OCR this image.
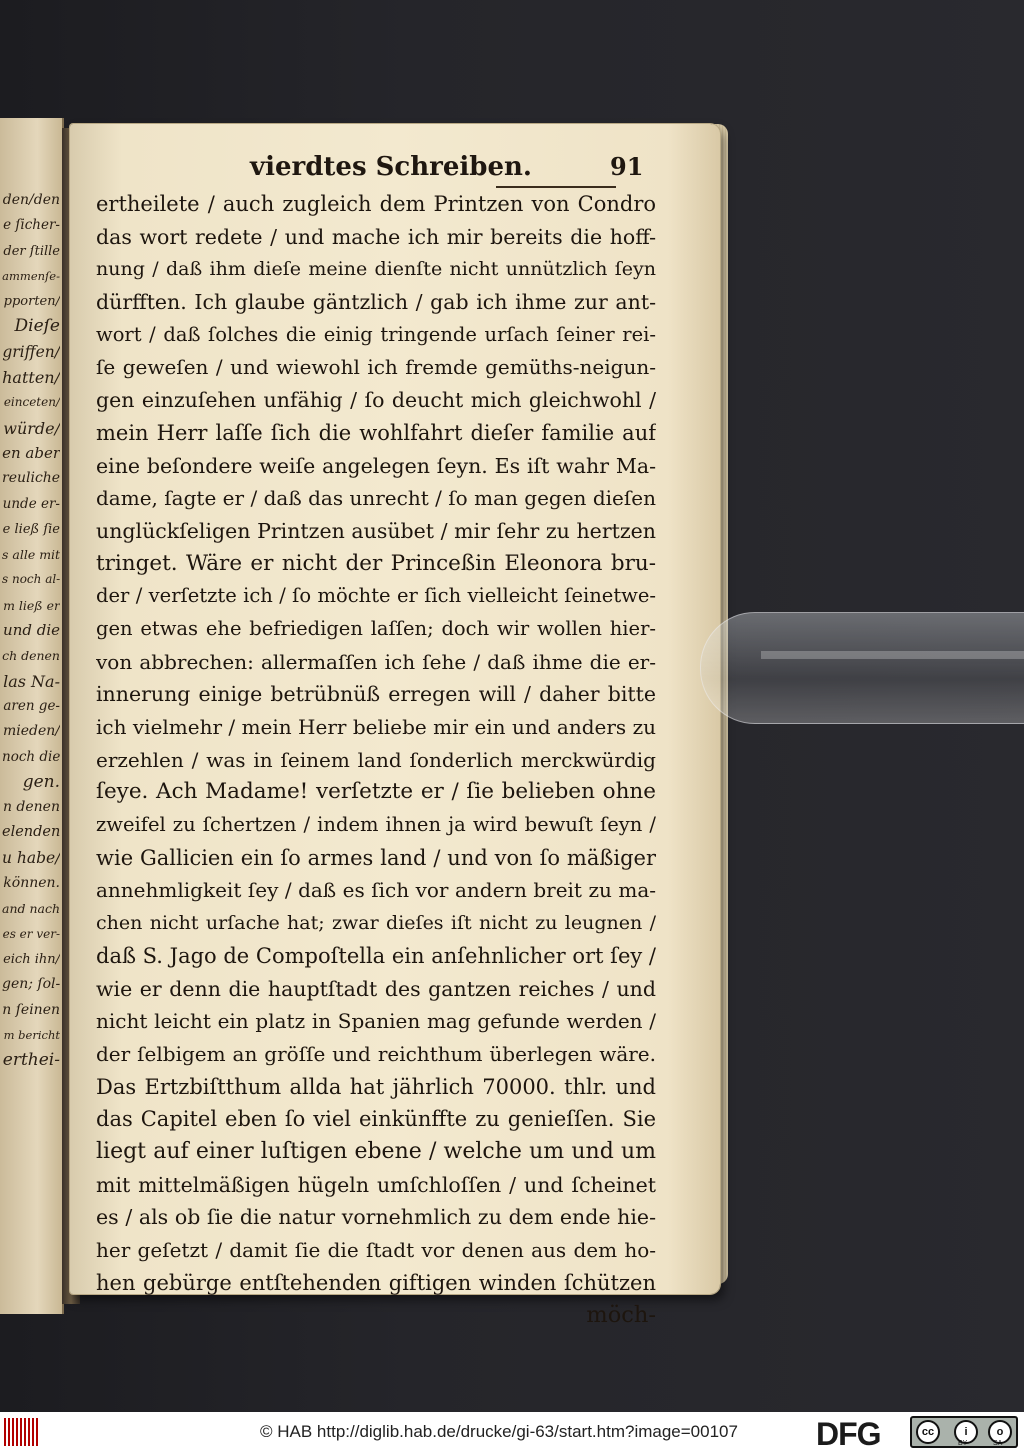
den/den
e ſicher-
der ſtille
ammenſe-
pporten/
Dieſe
griffen/
hatten/
einceten/
würde/
en aber
reuliche
unde er-
e ließ ſie
s alle mit
s noch al-
m ließ er
und die
ch denen
las Na-
aren ge-
mieden/
noch die
gen.
n denen
elenden
u habe/
können.
and nach
es er ver-
eich ihn/
gen; ſol-
n ſeinen
m bericht
erthei-
vierdtes Schreiben.	91
ertheilete / auch zugleich dem Printzen von Condro
das wort redete / und mache ich mir bereits die hoff-
nung / daß ihm dieſe meine dienſte nicht unnützlich ſeyn
dürfften. Ich glaube gäntzlich / gab ich ihme zur ant-
wort / daß ſolches die einig tringende urſach ſeiner rei-
ſe geweſen / und wiewohl ich fremde gemüths-neigun-
gen einzuſehen unfähig / ſo deucht mich gleichwohl /
mein Herr laſſe ſich die wohlfahrt dieſer familie auf
eine beſondere weiſe angelegen ſeyn. Es iſt wahr Ma-
dame, ſagte er / daß das unrecht / ſo man gegen dieſen
unglückſeligen Printzen ausübet / mir ſehr zu hertzen
tringet. Wäre er nicht der Princeßin Eleonora bru-
der / verſetzte ich / ſo möchte er ſich vielleicht ſeinetwe-
gen etwas ehe befriedigen laſſen; doch wir wollen hier-
von abbrechen: allermaſſen ich ſehe / daß ihme die er-
innerung einige betrübnüß erregen will / daher bitte
ich vielmehr / mein Herr beliebe mir ein und anders zu
erzehlen / was in ſeinem land ſonderlich merckwürdig
ſeye. Ach Madame! verſetzte er / ſie belieben ohne
zweifel zu ſchertzen / indem ihnen ja wird bewuſt ſeyn /
wie Gallicien ein ſo armes land / und von ſo mäßiger
annehmligkeit ſey / daß es ſich vor andern breit zu ma-
chen nicht urſache hat; zwar dieſes iſt nicht zu leugnen /
daß S. Jago de Compoſtella ein anſehnlicher ort ſey /
wie er denn die hauptſtadt des gantzen reiches / und
nicht leicht ein platz in Spanien mag gefunde werden /
der ſelbigem an gröſſe und reichthum überlegen wäre.
Das Ertzbiſtthum allda hat jährlich 70000. thlr. und
das Capitel eben ſo viel einkünffte zu genieſſen. Sie
liegt auf einer luſtigen ebene / welche um und um
mit mittelmäßigen hügeln umſchloſſen / und ſcheinet
es / als ob ſie die natur vornehmlich zu dem ende hie-
her geſetzt / damit ſie die ſtadt vor denen aus dem ho-
hen gebürge entſtehenden giftigen winden ſchützen
möch-
© HAB http://diglib.hab.de/drucke/gi-63/start.htm?image=00107 DFG	cc	i	o
BY	SA
